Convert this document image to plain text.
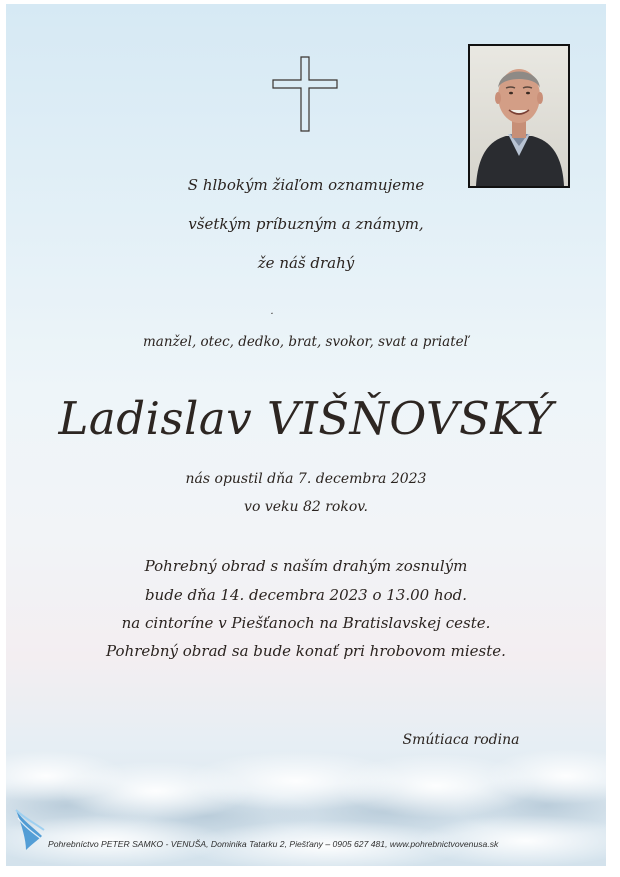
S hlbokým žiaľom oznamujeme
všetkým príbuzným a známym,
že náš drahý
.
manžel, otec, dedko, brat, svokor, svat a priateľ
Ladislav VIŠŇOVSKÝ
nás opustil dňa 7. decembra 2023
vo veku 82 rokov.
Pohrebný obrad s naším drahým zosnulým
bude dňa 14. decembra 2023 o 13.00 hod.
na cintoríne v Piešťanoch na Bratislavskej ceste.
Pohrebný obrad sa bude konať pri hrobovom mieste.
Smútiaca rodina
Pohrebníctvo PETER SAMKO - VENUŠA, Dominika Tatarku 2, Piešťany – 0905 627 481, www.pohrebnictvovenusa.sk
